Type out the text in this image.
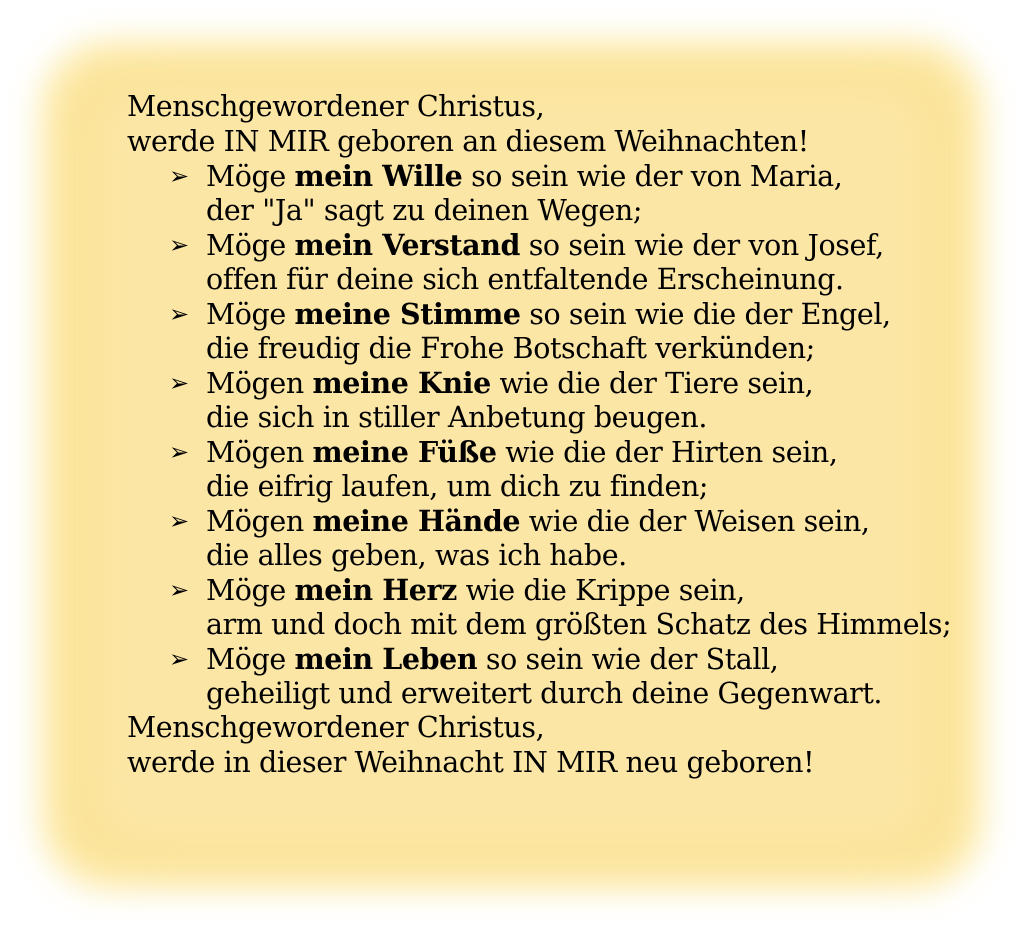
Menschgewordener Christus,
werde IN MIR geboren an diesem Weihnachten!
➢ Möge mein Wille so sein wie der von Maria,
der "Ja" sagt zu deinen Wegen;
➢ Möge mein Verstand so sein wie der von Josef,
offen für deine sich entfaltende Erscheinung.
➢ Möge meine Stimme so sein wie die der Engel,
die freudig die Frohe Botschaft verkünden;
➢ Mögen meine Knie wie die der Tiere sein,
die sich in stiller Anbetung beugen.
➢ Mögen meine Füße wie die der Hirten sein,
die eifrig laufen, um dich zu finden;
➢ Mögen meine Hände wie die der Weisen sein,
die alles geben, was ich habe.
➢ Möge mein Herz wie die Krippe sein,
arm und doch mit dem größten Schatz des Himmels;
➢ Möge mein Leben so sein wie der Stall,
geheiligt und erweitert durch deine Gegenwart.
Menschgewordener Christus,
werde in dieser Weihnacht IN MIR neu geboren!
